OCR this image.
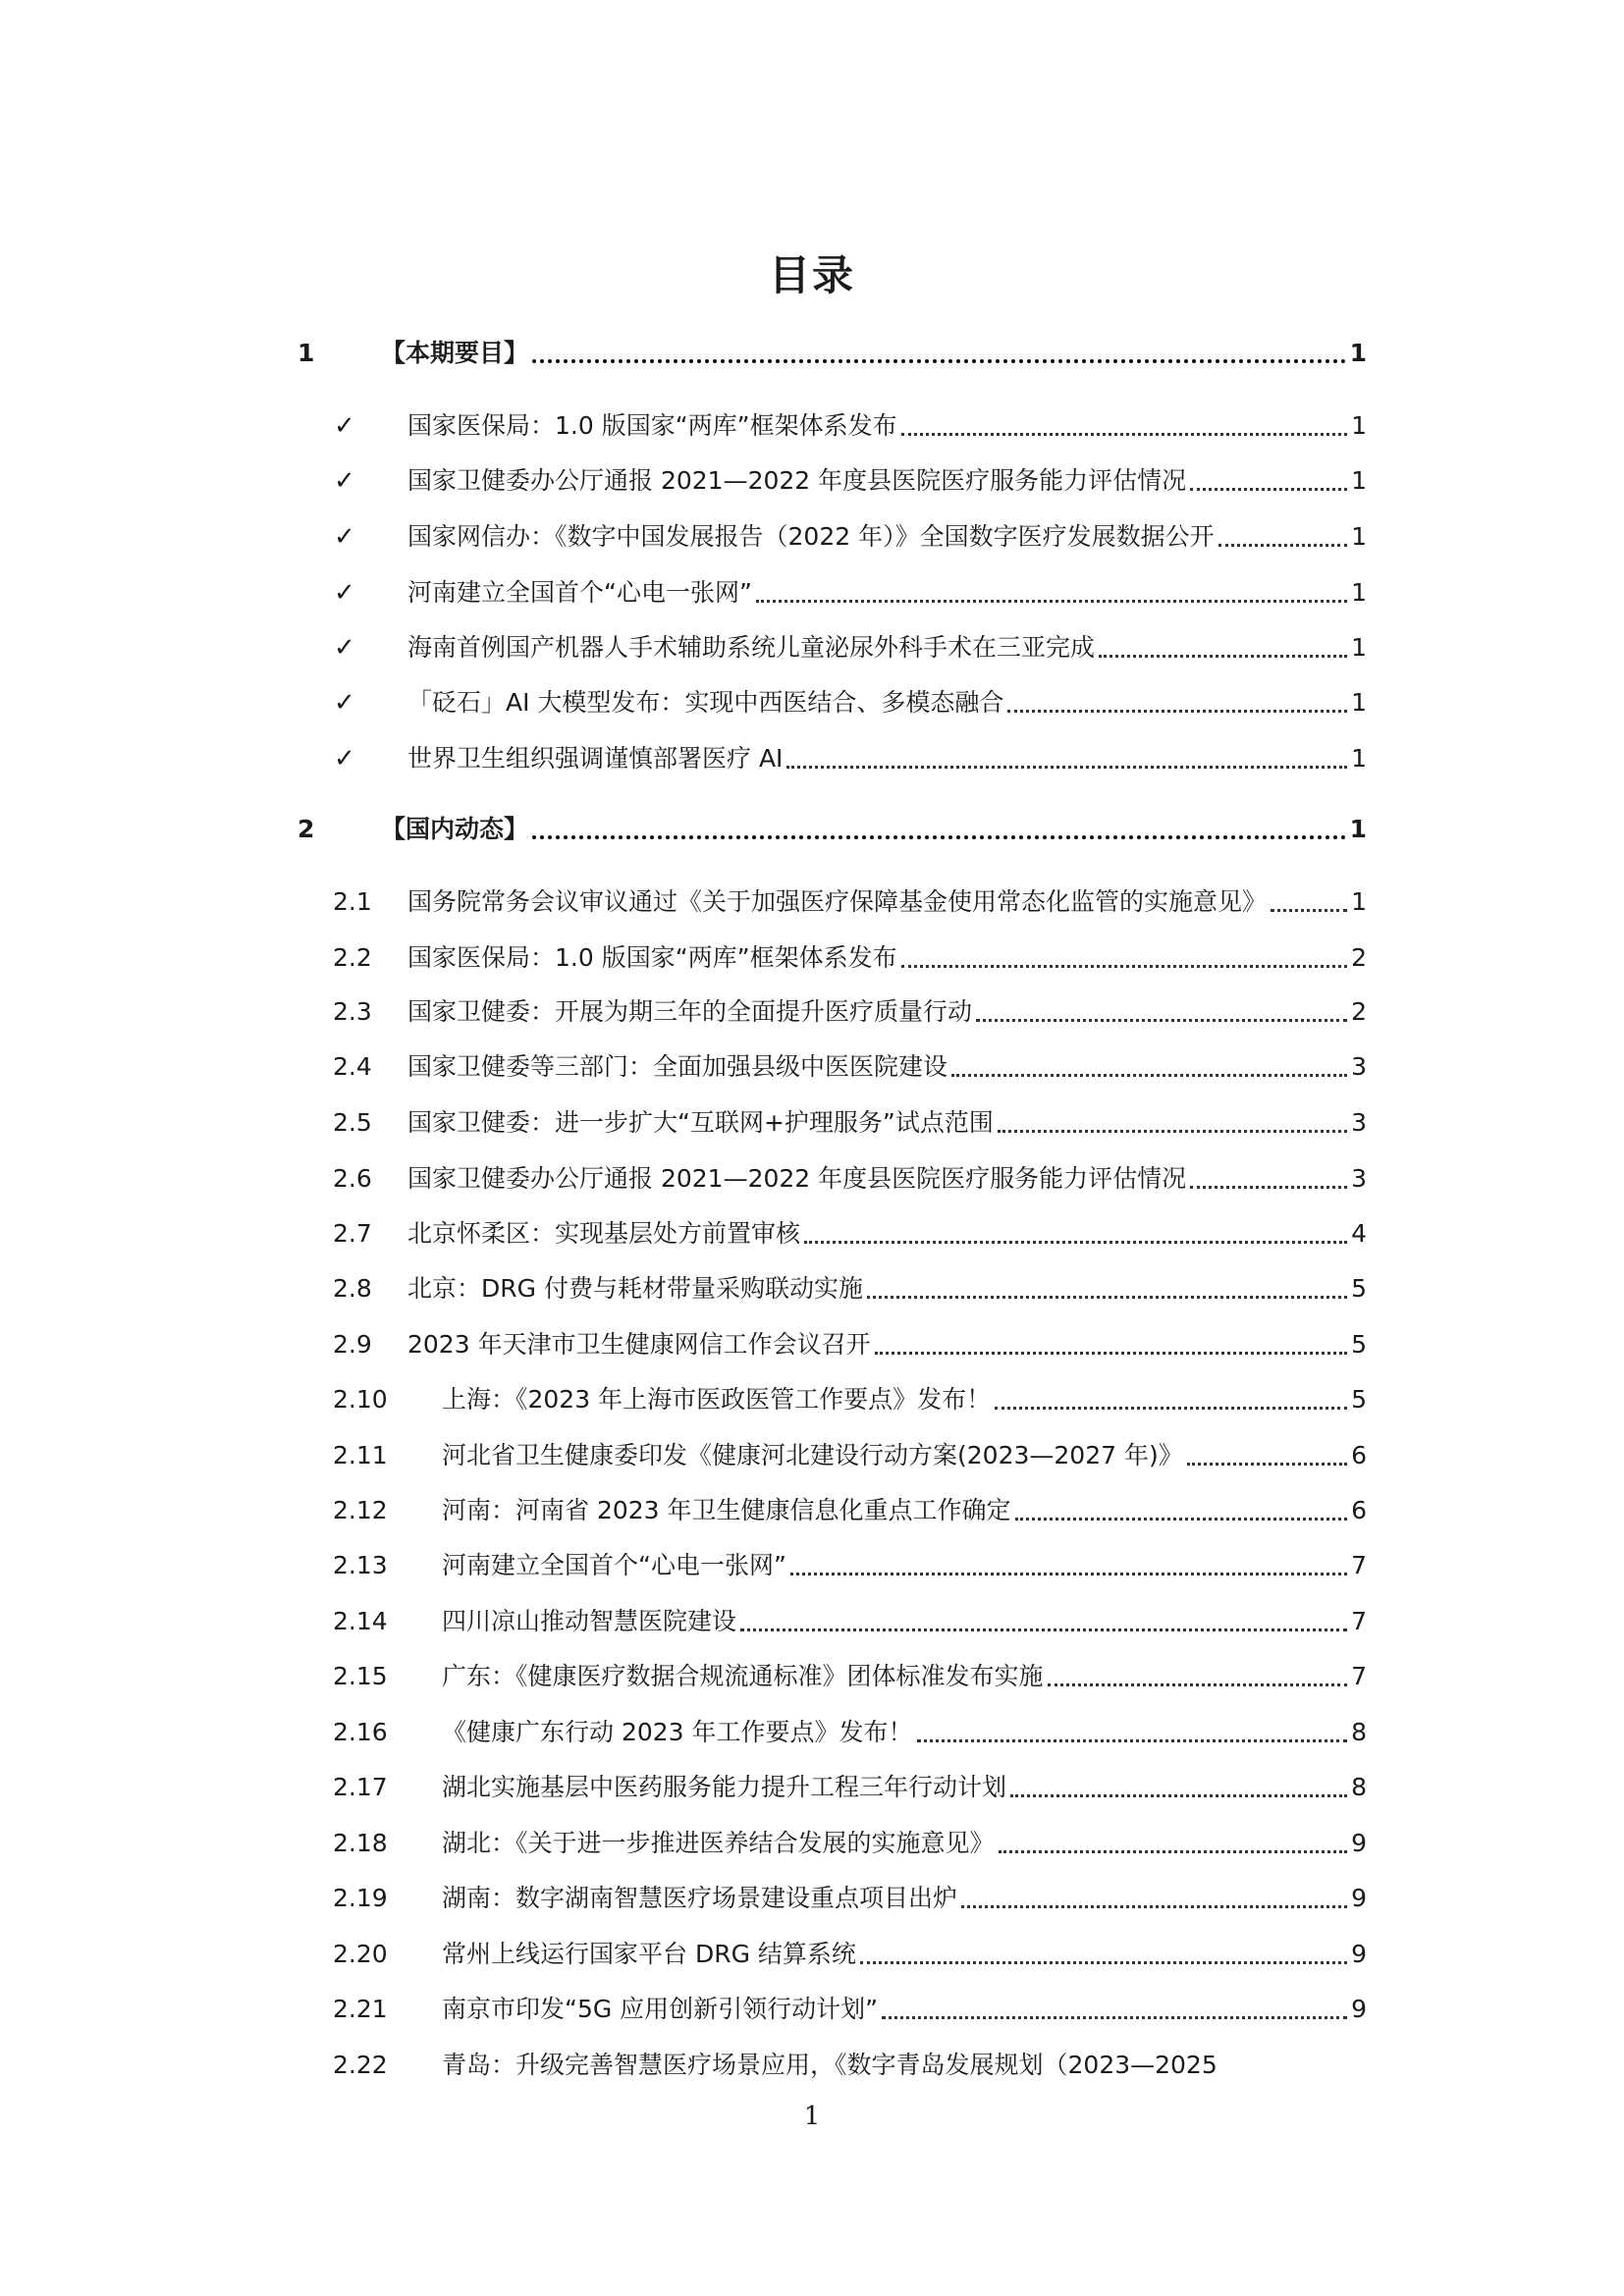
目录
1	【本期要目】	1
✓ 国家医保局：1.0 版国家“两库”框架体系发布	1
✓ 国家卫健委办公厅通报 2021—2022 年度县医院医疗服务能力评估情况	1
✓ 国家网信办：《数字中国发展报告（2022 年）》全国数字医疗发展数据公开	1
✓ 河南建立全国首个“心电一张网”	1
✓ 海南首例国产机器人手术辅助系统儿童泌尿外科手术在三亚完成	1
✓ 「砭石」AI 大模型发布：实现中西医结合、多模态融合	1
✓ 世界卫生组织强调谨慎部署医疗 AI	1
2	【国内动态】	1
2.1 国务院常务会议审议通过《关于加强医疗保障基金使用常态化监管的实施意见》	1
2.2 国家医保局：1.0 版国家“两库”框架体系发布	2
2.3 国家卫健委：开展为期三年的全面提升医疗质量行动	2
2.4 国家卫健委等三部门：全面加强县级中医医院建设	3
2.5 国家卫健委：进一步扩大“互联网+护理服务”试点范围	3
2.6 国家卫健委办公厅通报 2021—2022 年度县医院医疗服务能力评估情况	3
2.7 北京怀柔区：实现基层处方前置审核	4
2.8 北京：DRG 付费与耗材带量采购联动实施	5
2.9 2023 年天津市卫生健康网信工作会议召开	5
2.10 上海：《2023 年上海市医政医管工作要点》发布！	5
2.11 河北省卫生健康委印发《健康河北建设行动方案(2023—2027 年)》	6
2.12 河南：河南省 2023 年卫生健康信息化重点工作确定	6
2.13 河南建立全国首个“心电一张网”	7
2.14 四川凉山推动智慧医院建设	7
2.15 广东：《健康医疗数据合规流通标准》团体标准发布实施	7
2.16 《健康广东行动 2023 年工作要点》发布！	8
2.17 湖北实施基层中医药服务能力提升工程三年行动计划	8
2.18 湖北：《关于进一步推进医养结合发展的实施意见》	9
2.19 湖南：数字湖南智慧医疗场景建设重点项目出炉	9
2.20 常州上线运行国家平台 DRG 结算系统	9
2.21 南京市印发“5G 应用创新引领行动计划”	9
2.22 青岛：升级完善智慧医疗场景应用，《数字青岛发展规划（2023—2025
1
